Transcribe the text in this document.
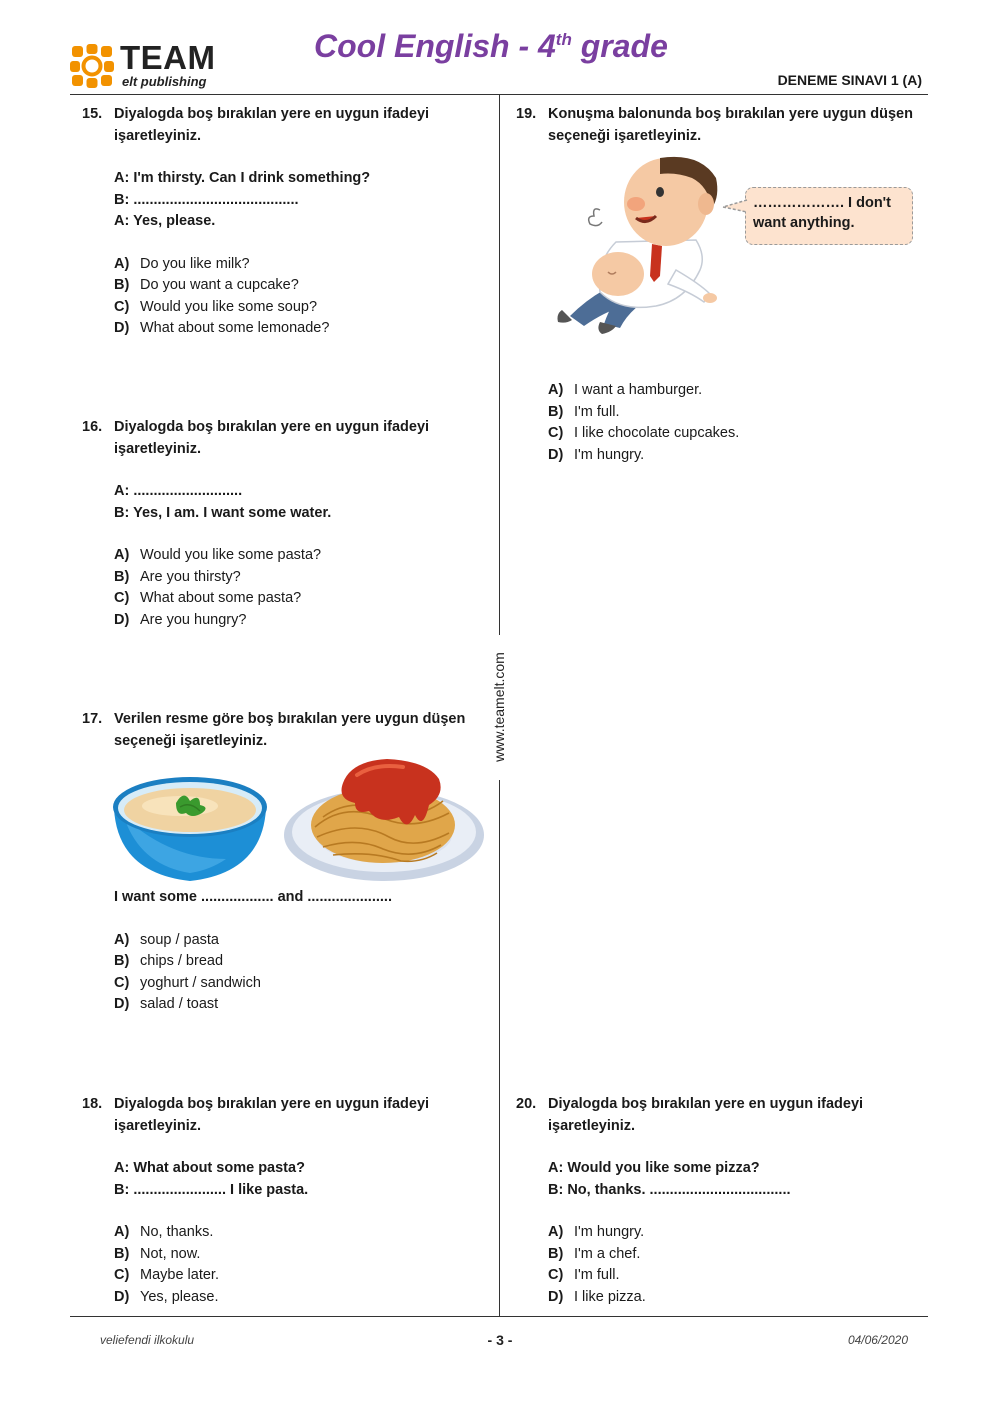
TEAM
elt publishing
Cool English - 4th grade
DENEME SINAVI 1 (A)
www.teamelt.com
15. Diyalogda boş bırakılan yere en uygun ifadeyi işaretleyiniz.
A: I'm thirsty. Can I drink something?
B: .........................................
A: Yes, please.
A) Do you like milk?
B) Do you want a cupcake?
C) Would you like some soup?
D) What about some lemonade?
16. Diyalogda boş bırakılan yere en uygun ifadeyi işaretleyiniz.
A: ...........................
B: Yes, I am. I want some water.
A) Would you like some pasta?
B) Are you thirsty?
C) What about some pasta?
D) Are you hungry?
17. Verilen resme göre boş bırakılan yere uygun düşen seçeneği işaretleyiniz.
I want some .................. and .....................
A) soup / pasta
B) chips / bread
C) yoghurt / sandwich
D) salad / toast
18. Diyalogda boş bırakılan yere en uygun ifadeyi işaretleyiniz.
A: What about some pasta?
B: ....................... I like pasta.
A) No, thanks.
B) Not, now.
C) Maybe later.
D) Yes, please.
19. Konuşma balonunda boş bırakılan yere uygun düşen seçeneği işaretleyiniz.
………………. I don't
want anything.
A) I want a hamburger.
B) I'm full.
C) I like chocolate cupcakes.
D) I'm hungry.
20. Diyalogda boş bırakılan yere en uygun ifadeyi işaretleyiniz.
A: Would you like some pizza?
B: No, thanks. ...................................
A) I'm hungry.
B) I'm a chef.
C) I'm full.
D) I like pizza.
veliefendi ilkokulu	- 3 -	04/06/2020
